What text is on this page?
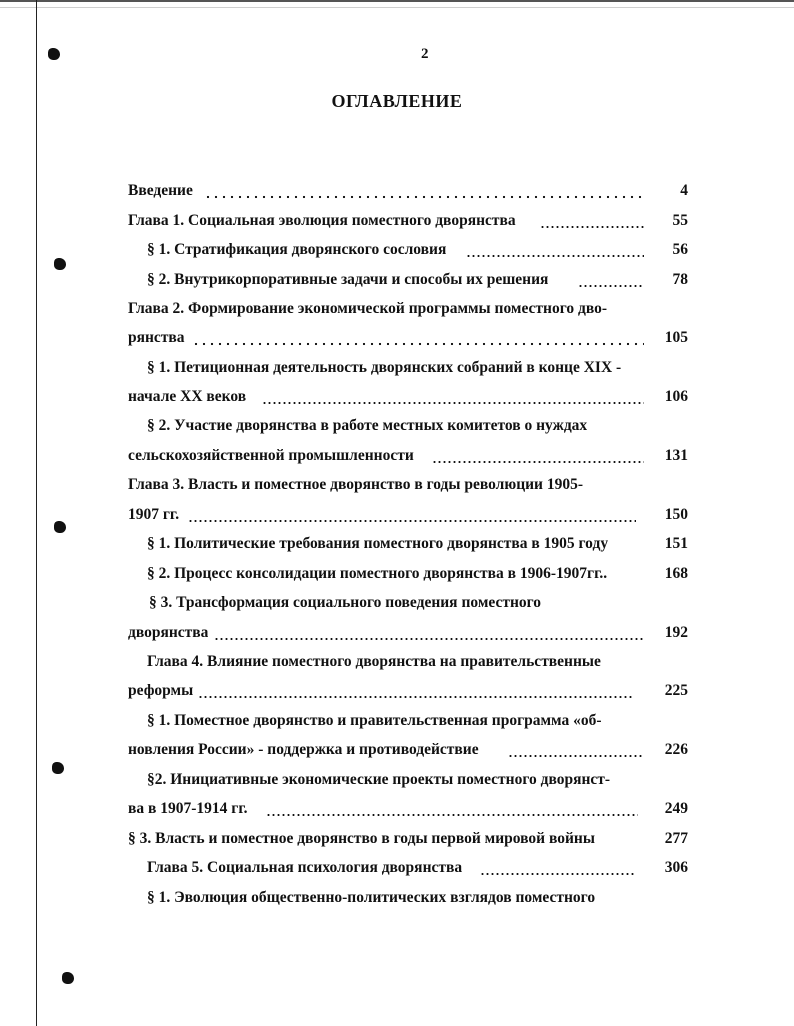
2
ОГЛАВЛЕНИЕ
Введение	4
Глава 1. Социальная эволюция поместного дворянства	55
§ 1. Стратификация дворянского сословия	56
§ 2. Внутрикорпоративные задачи и способы их решения	78
Глава 2. Формирование экономической программы поместного дво-
рянства	105
§ 1. Петиционная деятельность дворянских собраний в конце XIX -
начале XX веков	106
§ 2. Участие дворянства в работе местных комитетов о нуждах
сельскохозяйственной промышленности	131
Глава 3. Власть и поместное дворянство в годы революции 1905-
1907 гг.	150
§ 1. Политические требования поместного дворянства в 1905 году	151
§ 2. Процесс консолидации поместного дворянства в 1906-1907гг..	168
§ 3. Трансформация социального поведения поместного
дворянства	192
Глава 4. Влияние поместного дворянства на правительственные
реформы	225
§ 1. Поместное дворянство и правительственная программа «об-
новления России» - поддержка и противодействие	226
§2. Инициативные экономические проекты поместного дворянст-
ва в 1907-1914 гг.	249
§ 3. Власть и поместное дворянство в годы первой мировой войны	277
Глава 5. Социальная психология дворянства	306
§ 1. Эволюция общественно-политических взглядов поместного
